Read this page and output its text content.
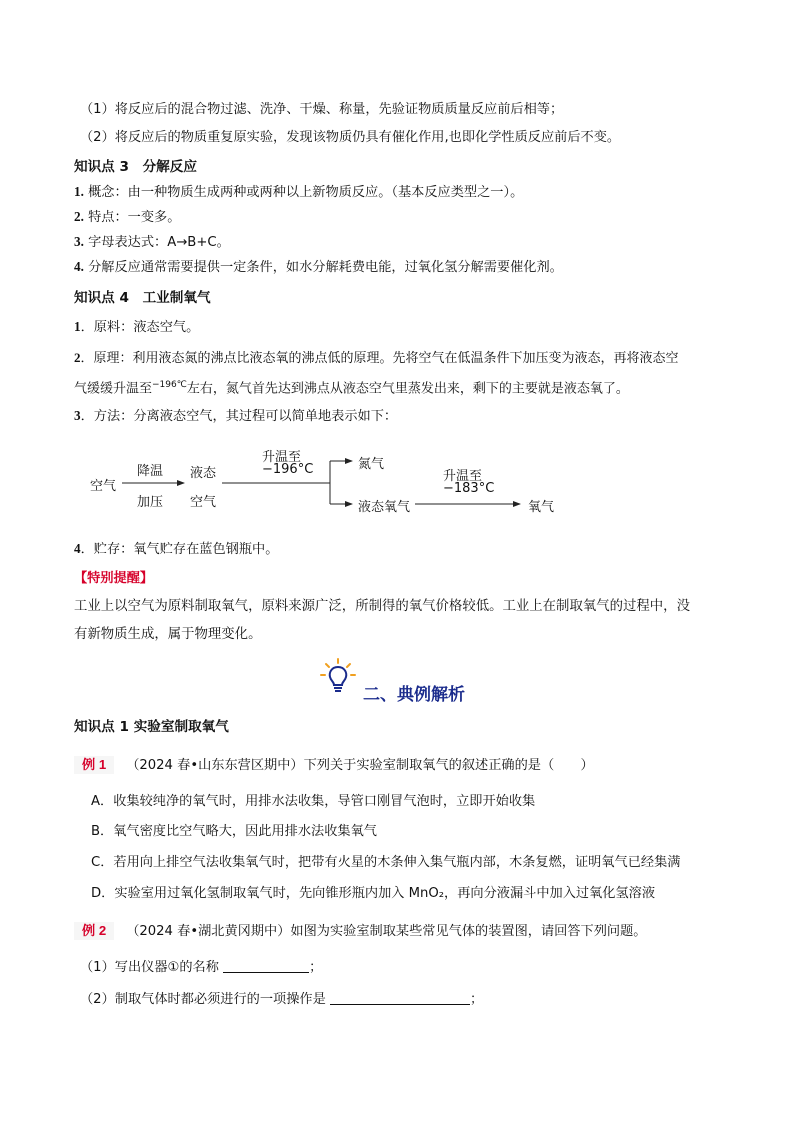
（1）将反应后的混合物过滤、洗净、干燥、称量，先验证物质质量反应前后相等；
（2）将反应后的物质重复原实验，发现该物质仍具有催化作用,也即化学性质反应前后不变。
知识点 3　分解反应
1. 概念：由一种物质生成两种或两种以上新物质反应。（基本反应类型之一）。
2. 特点：一变多。
3. 字母表达式：A→B+C。
4. 分解反应通常需要提供一定条件，如水分解耗费电能，过氧化氢分解需要催化剂。
知识点 4　工业制氧气
1．原料：液态空气。
2．原理：利用液态氮的沸点比液态氧的沸点低的原理。先将空气在低温条件下加压变为液态，再将液态空
气缓缓升温至$^{-196℃}$左右，氮气首先达到沸点从液态空气里蒸发出来，剩下的主要就是液态氧了。
3．方法：分离液态空气，其过程可以简单地表示如下：
空气
降温
加压
液态
空气
升温至
−196°C	氮气
液态氧气
升温至
−183°C
氧气
4．贮存：氧气贮存在蓝色钢瓶中。
【特别提醒】
工业上以空气为原料制取氧气，原料来源广泛，所制得的氧气价格较低。工业上在制取氧气的过程中，没
有新物质生成，属于物理变化。
二、典例解析
知识点 1 实验室制取氧气
例 1 （2024 春•山东东营区期中）下列关于实验室制取氧气的叙述正确的是（　　）
A．收集较纯净的氧气时，用排水法收集，导管口刚冒气泡时，立即开始收集
B．氧气密度比空气略大，因此用排水法收集氧气
C．若用向上排空气法收集氧气时，把带有火星的木条伸入集气瓶内部，木条复燃，证明氧气已经集满
D．实验室用过氧化氢制取氧气时，先向锥形瓶内加入 MnO₂，再向分液漏斗中加入过氧化氢溶液
例 2 （2024 春•湖北黄冈期中）如图为实验室制取某些常见气体的装置图，请回答下列问题。
（1）写出仪器①的名称	；
（2）制取气体时都必须进行的一项操作是	；
